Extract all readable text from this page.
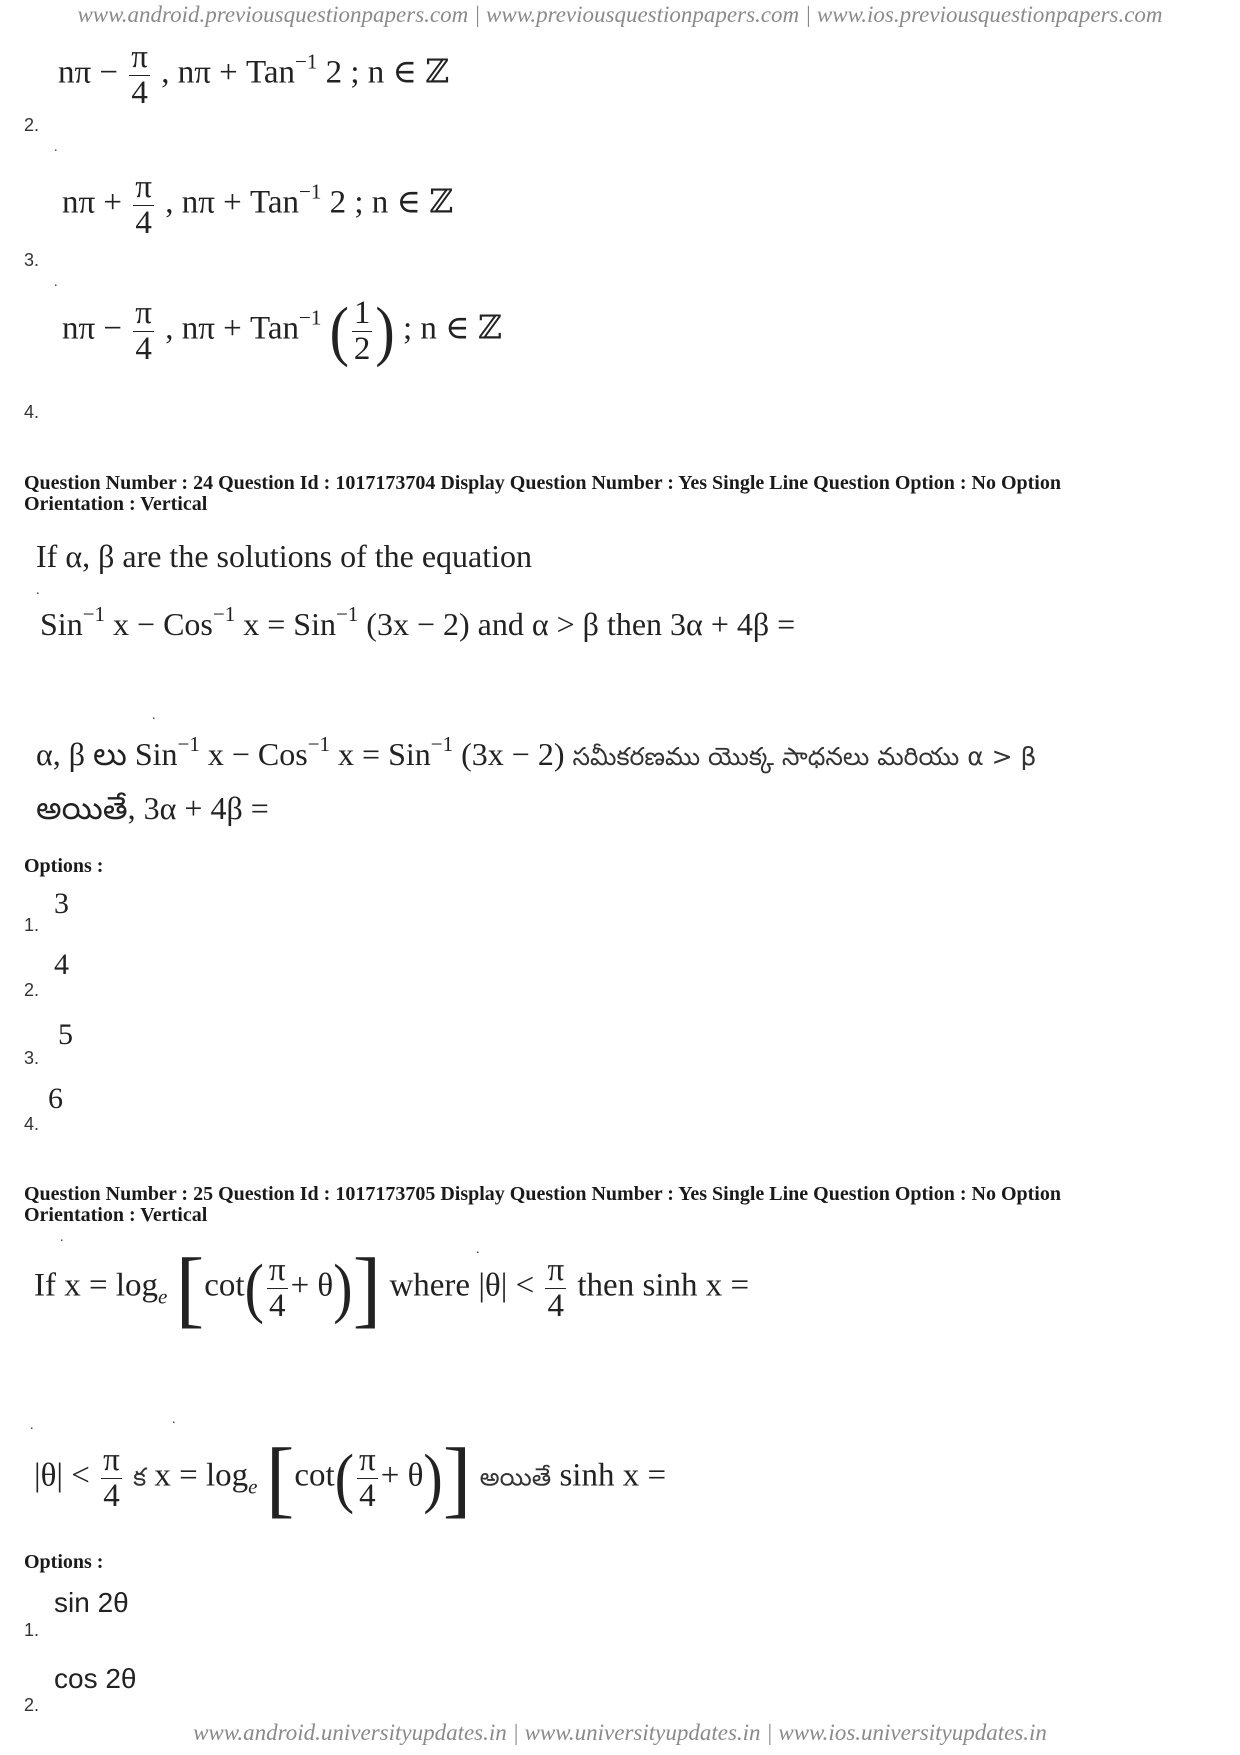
www.android.previousquestionpapers.com | www.previousquestionpapers.com | www.ios.previousquestionpapers.com
$n\pi - \frac{\pi}{4}$ , nπ + Tan$^{-1}$ 2 ; n ∈ ℤ
2.
.
$n\pi + \frac{\pi}{4}$ , nπ + Tan$^{-1}$ 2 ; n ∈ ℤ
3.
.
$n\pi - \frac{\pi}{4}$ , nπ + Tan$^{-1}$ ( $\frac{1}{2}$ ) ; n ∈ ℤ
4.
Question Number : 24 Question Id : 1017173704 Display Question Number : Yes Single Line Question Option : No Option
Orientation : Vertical
If α, β are the solutions of the equation
.
Sin$^{-1}$ x − Cos$^{-1}$ x = Sin$^{-1}$ (3x − 2) and α > β then 3α + 4β =
.
α, β లు Sin$^{-1}$ x − Cos$^{-1}$ x = Sin$^{-1}$ (3x − 2) సమీకరణము యొక్క సాధనలు మరియు α > β
అయితే, 3α + 4β =
Options :
3
1.
4
2.
5
3.
6
4.
Question Number : 25 Question Id : 1017173705 Display Question Number : Yes Single Line Question Option : No Option
Orientation : Vertical
.
.
If $x = \log_e [\cot( \frac{\pi}{4} + \theta)]$ where $|\theta| < \frac{\pi}{4}$ then sinh x =
.	.
$|\theta| < \frac{\pi}{4}$ క $x = \log_e [\cot( \frac{\pi}{4} + \theta)]$ అయితే sinh x =
Options :
sin 2θ
1.
cos 2θ
2.
www.android.universityupdates.in | www.universityupdates.in | www.ios.universityupdates.in
